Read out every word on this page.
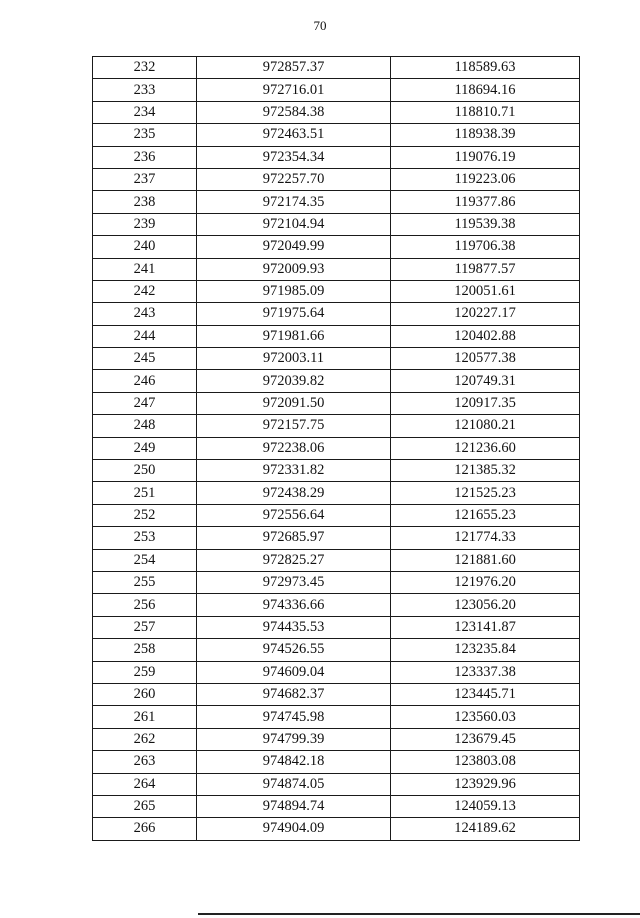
70
232	972857.37	118589.63
233	972716.01	118694.16
234	972584.38	118810.71
235	972463.51	118938.39
236	972354.34	119076.19
237	972257.70	119223.06
238	972174.35	119377.86
239	972104.94	119539.38
240	972049.99	119706.38
241	972009.93	119877.57
242	971985.09	120051.61
243	971975.64	120227.17
244	971981.66	120402.88
245	972003.11	120577.38
246	972039.82	120749.31
247	972091.50	120917.35
248	972157.75	121080.21
249	972238.06	121236.60
250	972331.82	121385.32
251	972438.29	121525.23
252	972556.64	121655.23
253	972685.97	121774.33
254	972825.27	121881.60
255	972973.45	121976.20
256	974336.66	123056.20
257	974435.53	123141.87
258	974526.55	123235.84
259	974609.04	123337.38
260	974682.37	123445.71
261	974745.98	123560.03
262	974799.39	123679.45
263	974842.18	123803.08
264	974874.05	123929.96
265	974894.74	124059.13
266	974904.09	124189.62
